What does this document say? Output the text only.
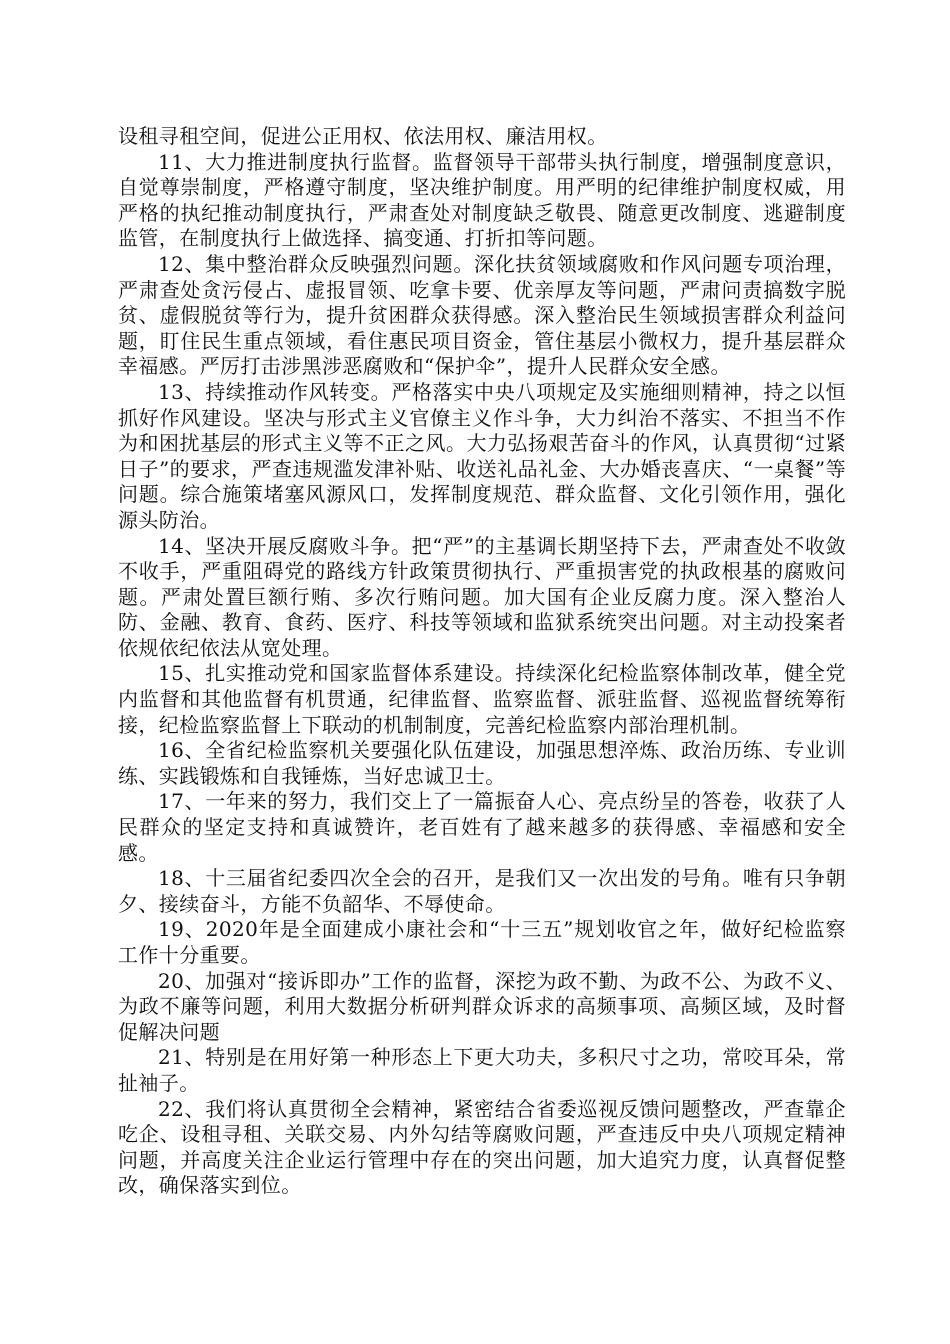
设租寻租空间，促进公正用权、依法用权、廉洁用权。

11、大力推进制度执行监督。监督领导干部带头执行制度，增强制度意识，自觉尊崇制度，严格遵守制度，坚决维护制度。用严明的纪律维护制度权威，用严格的执纪推动制度执行，严肃查处对制度缺乏敬畏、随意更改制度、逃避制度监管，在制度执行上做选择、搞变通、打折扣等问题。

12、集中整治群众反映强烈问题。深化扶贫领域腐败和作风问题专项治理，严肃查处贪污侵占、虚报冒领、吃拿卡要、优亲厚友等问题，严肃问责搞数字脱贫、虚假脱贫等行为，提升贫困群众获得感。深入整治民生领域损害群众利益问题，盯住民生重点领域，看住惠民项目资金，管住基层小微权力，提升基层群众幸福感。严厉打击涉黑涉恶腐败和“保护伞”，提升人民群众安全感。

13、持续推动作风转变。严格落实中央八项规定及实施细则精神，持之以恒抓好作风建设。坚决与形式主义官僚主义作斗争，大力纠治不落实、不担当不作为和困扰基层的形式主义等不正之风。大力弘扬艰苦奋斗的作风，认真贯彻“过紧日子”的要求，严查违规滥发津补贴、收送礼品礼金、大办婚丧喜庆、“一桌餐”等问题。综合施策堵塞风源风口，发挥制度规范、群众监督、文化引领作用，强化源头防治。

14、坚决开展反腐败斗争。把“严”的主基调长期坚持下去，严肃查处不收敛不收手，严重阻碍党的路线方针政策贯彻执行、严重损害党的执政根基的腐败问题。严肃处置巨额行贿、多次行贿问题。加大国有企业反腐力度。深入整治人防、金融、教育、食药、医疗、科技等领域和监狱系统突出问题。对主动投案者依规依纪依法从宽处理。

15、扎实推动党和国家监督体系建设。持续深化纪检监察体制改革，健全党内监督和其他监督有机贯通，纪律监督、监察监督、派驻监督、巡视监督统筹衔接，纪检监察监督上下联动的机制制度，完善纪检监察内部治理机制。

16、全省纪检监察机关要强化队伍建设，加强思想淬炼、政治历练、专业训练、实践锻炼和自我锤炼，当好忠诚卫士。

17、一年来的努力，我们交上了一篇振奋人心、亮点纷呈的答卷，收获了人民群众的坚定支持和真诚赞许，老百姓有了越来越多的获得感、幸福感和安全感。

18、十三届省纪委四次全会的召开，是我们又一次出发的号角。唯有只争朝夕、接续奋斗，方能不负韶华、不辱使命。

19、2020年是全面建成小康社会和“十三五”规划收官之年，做好纪检监察工作十分重要。

20、加强对“接诉即办”工作的监督，深挖为政不勤、为政不公、为政不义、为政不廉等问题，利用大数据分析研判群众诉求的高频事项、高频区域，及时督促解决问题

21、特别是在用好第一种形态上下更大功夫，多积尺寸之功，常咬耳朵，常扯袖子。

22、我们将认真贯彻全会精神，紧密结合省委巡视反馈问题整改，严查靠企吃企、设租寻租、关联交易、内外勾结等腐败问题，严查违反中央八项规定精神问题，并高度关注企业运行管理中存在的突出问题，加大追究力度，认真督促整改，确保落实到位。
